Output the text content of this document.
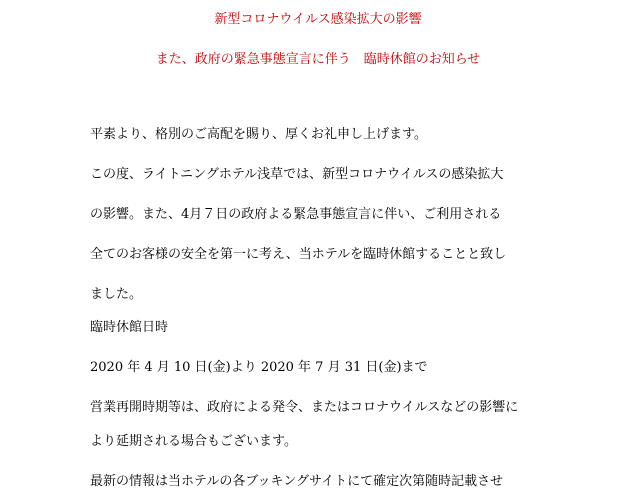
新型コロナウイルス感染拡大の影響
また、政府の緊急事態宣言に伴う　臨時休館のお知らせ
平素より、格別のご高配を賜り、厚くお礼申し上げます。
この度、ライトニングホテル浅草では、新型コロナウイルスの感染拡大
の影響。また、4月７日の政府よる緊急事態宣言に伴い、ご利用される
全てのお客様の安全を第一に考え、当ホテルを臨時休館することと致し
ました。
臨時休館日時
2020 年 4 月 10 日(金)より 2020 年 7 月 31 日(金)まで
営業再開時期等は、政府による発令、またはコロナウイルスなどの影響に
より延期される場合もございます。
最新の情報は当ホテルの各ブッキングサイトにて確定次第随時記載させ
